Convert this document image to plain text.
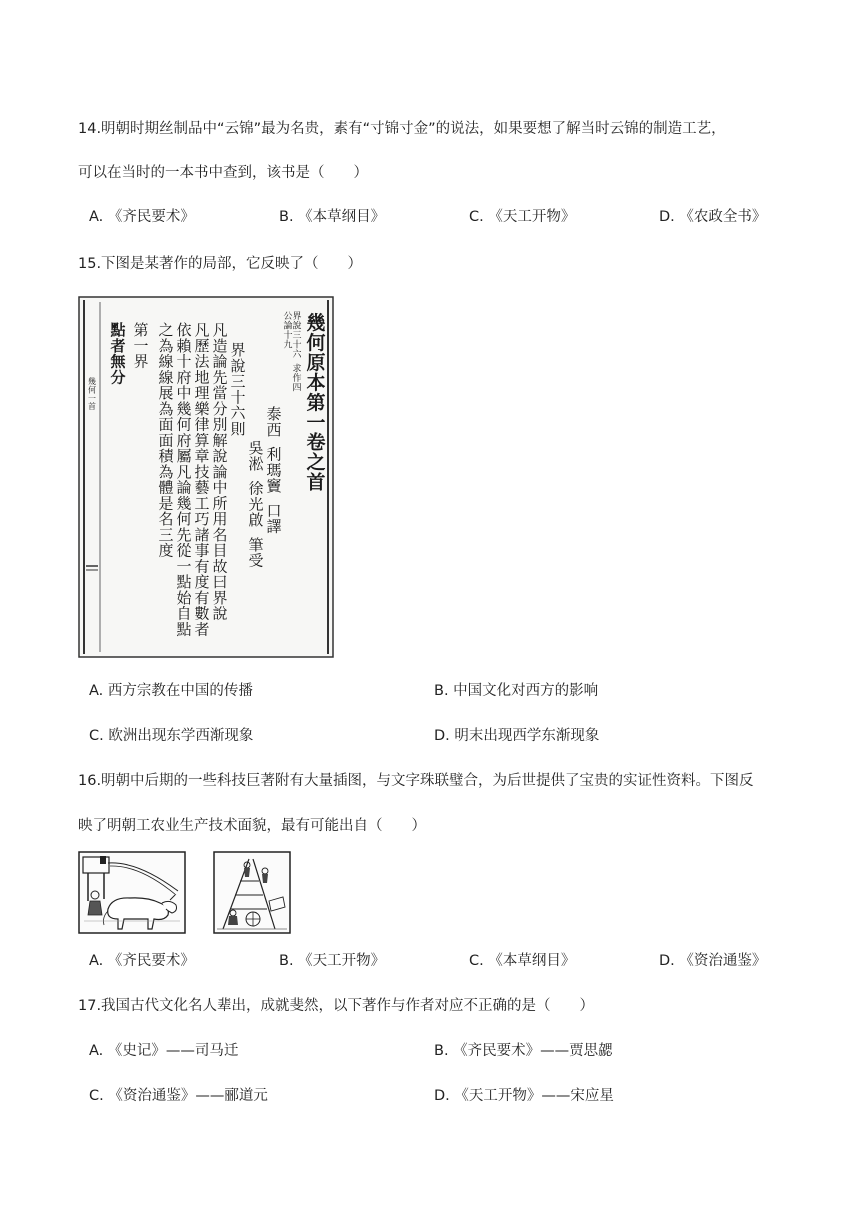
14.明朝时期丝制品中“云锦”最为名贵，素有“寸锦寸金”的说法，如果要想了解当时云锦的制造工艺，
可以在当时的一本书中查到，该书是（　　）
A. 《齐民要术》	B. 《本草纲目》	C. 《天工开物》	D. 《农政全书》
15.下图是某著作的局部，它反映了（　　）
幾
何
原
本
第
一
卷
之
首
界
說
三
十
六
求
作
四
公
論
十
九
泰
西
利
瑪
竇
口
譯
吳
淞
徐
光
啟
筆
受
界
說
三
十
六
則
凡
造
論
先
當
分
別
解
說
論
中
所
用
名
目
故
曰
界
說
凡
歷
法
地
理
樂
律
算
章
技
藝
工
巧
諸
事
有
度
有
數
者
依
賴
十
府
中
幾
何
府
屬
凡
論
幾
何
先
從
一
點
始
自
點
之
為
線
線
展
為
面
面
積
為
體
是
名
三
度
第
一
界
點
者
無
分
幾
何
一
首
A. 西方宗教在中国的传播	B. 中国文化对西方的影响
C. 欧洲出现东学西渐现象	D. 明末出现西学东渐现象
16.明朝中后期的一些科技巨著附有大量插图，与文字珠联璧合，为后世提供了宝贵的实证性资料。下图反
映了明朝工农业生产技术面貌，最有可能出自（　　）
A. 《齐民要术》	B. 《天工开物》	C. 《本草纲目》	D. 《资治通鉴》
17.我国古代文化名人辈出，成就斐然，以下著作与作者对应不正确的是（　　）
A. 《史记》——司马迁	B. 《齐民要术》——贾思勰
C. 《资治通鉴》——郦道元	D. 《天工开物》——宋应星
